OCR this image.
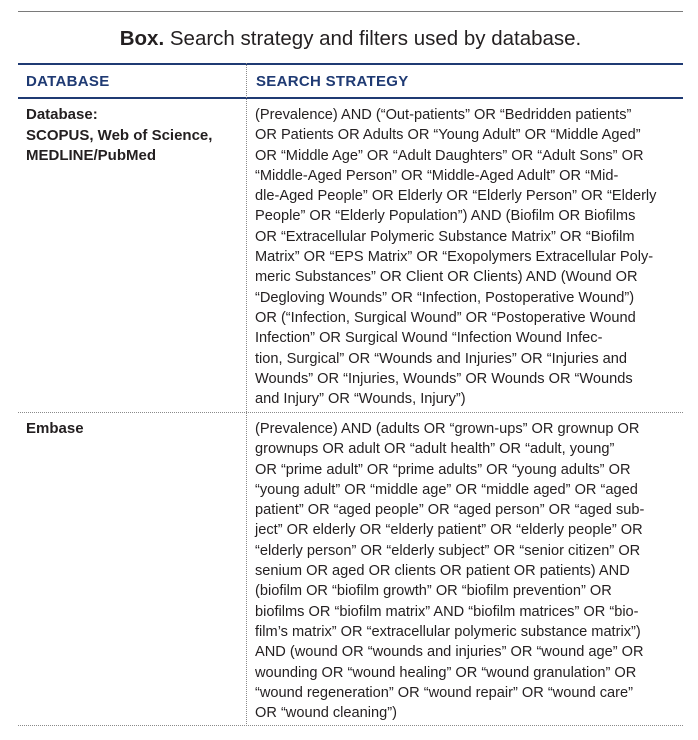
Box. Search strategy and filters used by database.
DATABASE	SEARCH STRATEGY
Database:
SCOPUS, Web of Science,
MEDLINE/PubMed
(Prevalence) AND (“Out-patients” OR “Bedridden patients”
OR Patients OR Adults OR “Young Adult” OR “Middle Aged”
OR “Middle Age” OR “Adult Daughters” OR “Adult Sons” OR
“Middle-Aged Person” OR “Middle-Aged Adult” OR “Mid-
dle-Aged People” OR Elderly OR “Elderly Person” OR “Elderly
People” OR “Elderly Population”) AND (Biofilm OR Biofilms
OR “Extracellular Polymeric Substance Matrix” OR “Biofilm
Matrix” OR “EPS Matrix” OR “Exopolymers Extracellular Poly-
meric Substances” OR Client OR Clients) AND (Wound OR
“Degloving Wounds” OR “Infection, Postoperative Wound”)
OR (“Infection, Surgical Wound” OR “Postoperative Wound
Infection” OR Surgical Wound “Infection Wound Infec-
tion, Surgical” OR “Wounds and Injuries” OR “Injuries and
Wounds” OR “Injuries, Wounds” OR Wounds OR “Wounds
and Injury” OR “Wounds, Injury”)
Embase	(Prevalence) AND (adults OR “grown-ups” OR grownup OR
grownups OR adult OR “adult health” OR “adult, young”
OR “prime adult” OR “prime adults” OR “young adults” OR
“young adult” OR “middle age” OR “middle aged” OR “aged
patient” OR “aged people” OR “aged person” OR “aged sub-
ject” OR elderly OR “elderly patient” OR “elderly people” OR
“elderly person” OR “elderly subject” OR “senior citizen” OR
senium OR aged OR clients OR patient OR patients) AND
(biofilm OR “biofilm growth” OR “biofilm prevention” OR
biofilms OR “biofilm matrix” AND “biofilm matrices” OR “bio-
film’s matrix” OR “extracellular polymeric substance matrix”)
AND (wound OR “wounds and injuries” OR “wound age” OR
wounding OR “wound healing” OR “wound granulation” OR
“wound regeneration” OR “wound repair” OR “wound care”
OR “wound cleaning”)
